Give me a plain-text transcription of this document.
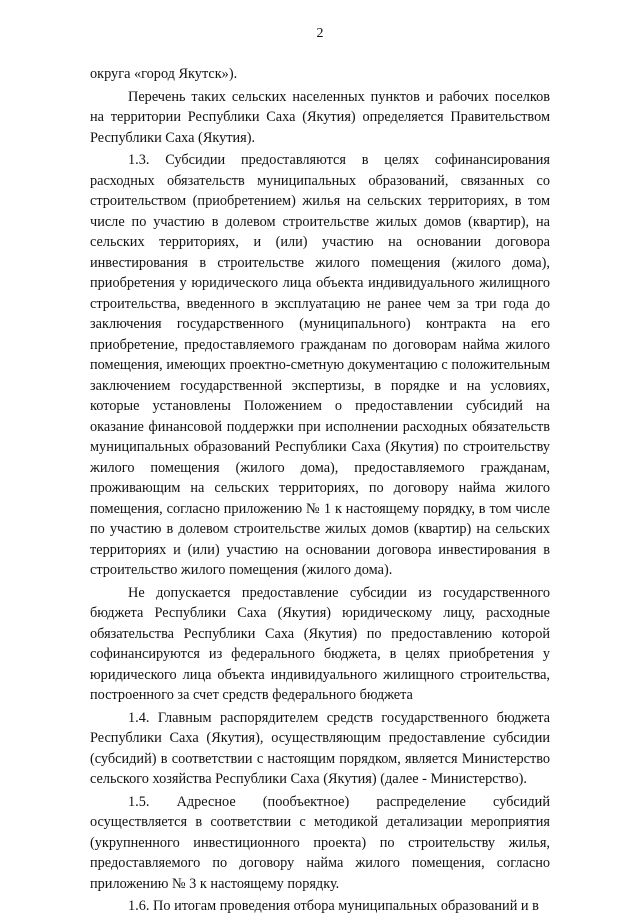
2

округа «город Якутск»).

Перечень таких сельских населенных пунктов и рабочих поселков на территории Республики Саха (Якутия) определяется Правительством Республики Саха (Якутия).

1.3. Субсидии предоставляются в целях софинансирования расходных обязательств муниципальных образований, связанных со строительством (приобретением) жилья на сельских территориях, в том числе по участию в долевом строительстве жилых домов (квартир), на сельских территориях, и (или) участию на основании договора инвестирования в строительстве жилого помещения (жилого дома), приобретения у юридического лица объекта индивидуального жилищного строительства, введенного в эксплуатацию не ранее чем за три года до заключения государственного (муниципального) контракта на его приобретение, предоставляемого гражданам по договорам найма жилого помещения, имеющих проектно-сметную документацию с положительным заключением государственной экспертизы, в порядке и на условиях, которые установлены Положением о предоставлении субсидий на оказание финансовой поддержки при исполнении расходных обязательств муниципальных образований Республики Саха (Якутия) по строительству жилого помещения (жилого дома), предоставляемого гражданам, проживающим на сельских территориях, по договору найма жилого помещения, согласно приложению № 1 к настоящему порядку, в том числе по участию в долевом строительстве жилых домов (квартир) на сельских территориях и (или) участию на основании договора инвестирования в строительство жилого помещения (жилого дома).

Не допускается предоставление субсидии из государственного бюджета Республики Саха (Якутия) юридическому лицу, расходные обязательства Республики Саха (Якутия) по предоставлению которой софинансируются из федерального бюджета, в целях приобретения у юридического лица объекта индивидуального жилищного строительства, построенного за счет средств федерального бюджета

1.4. Главным распорядителем средств государственного бюджета Республики Саха (Якутия), осуществляющим предоставление субсидии (субсидий) в соответствии с настоящим порядком, является Министерство сельского хозяйства Республики Саха (Якутия) (далее - Министерство).

1.5. Адресное (пообъектное) распределение субсидий осуществляется в соответствии с методикой детализации мероприятия (укрупненного инвестиционного проекта) по строительству жилья, предоставляемого по договору найма жилого помещения, согласно приложению № 3 к настоящему порядку.

1.6. По итогам проведения отбора муниципальных образований и в
